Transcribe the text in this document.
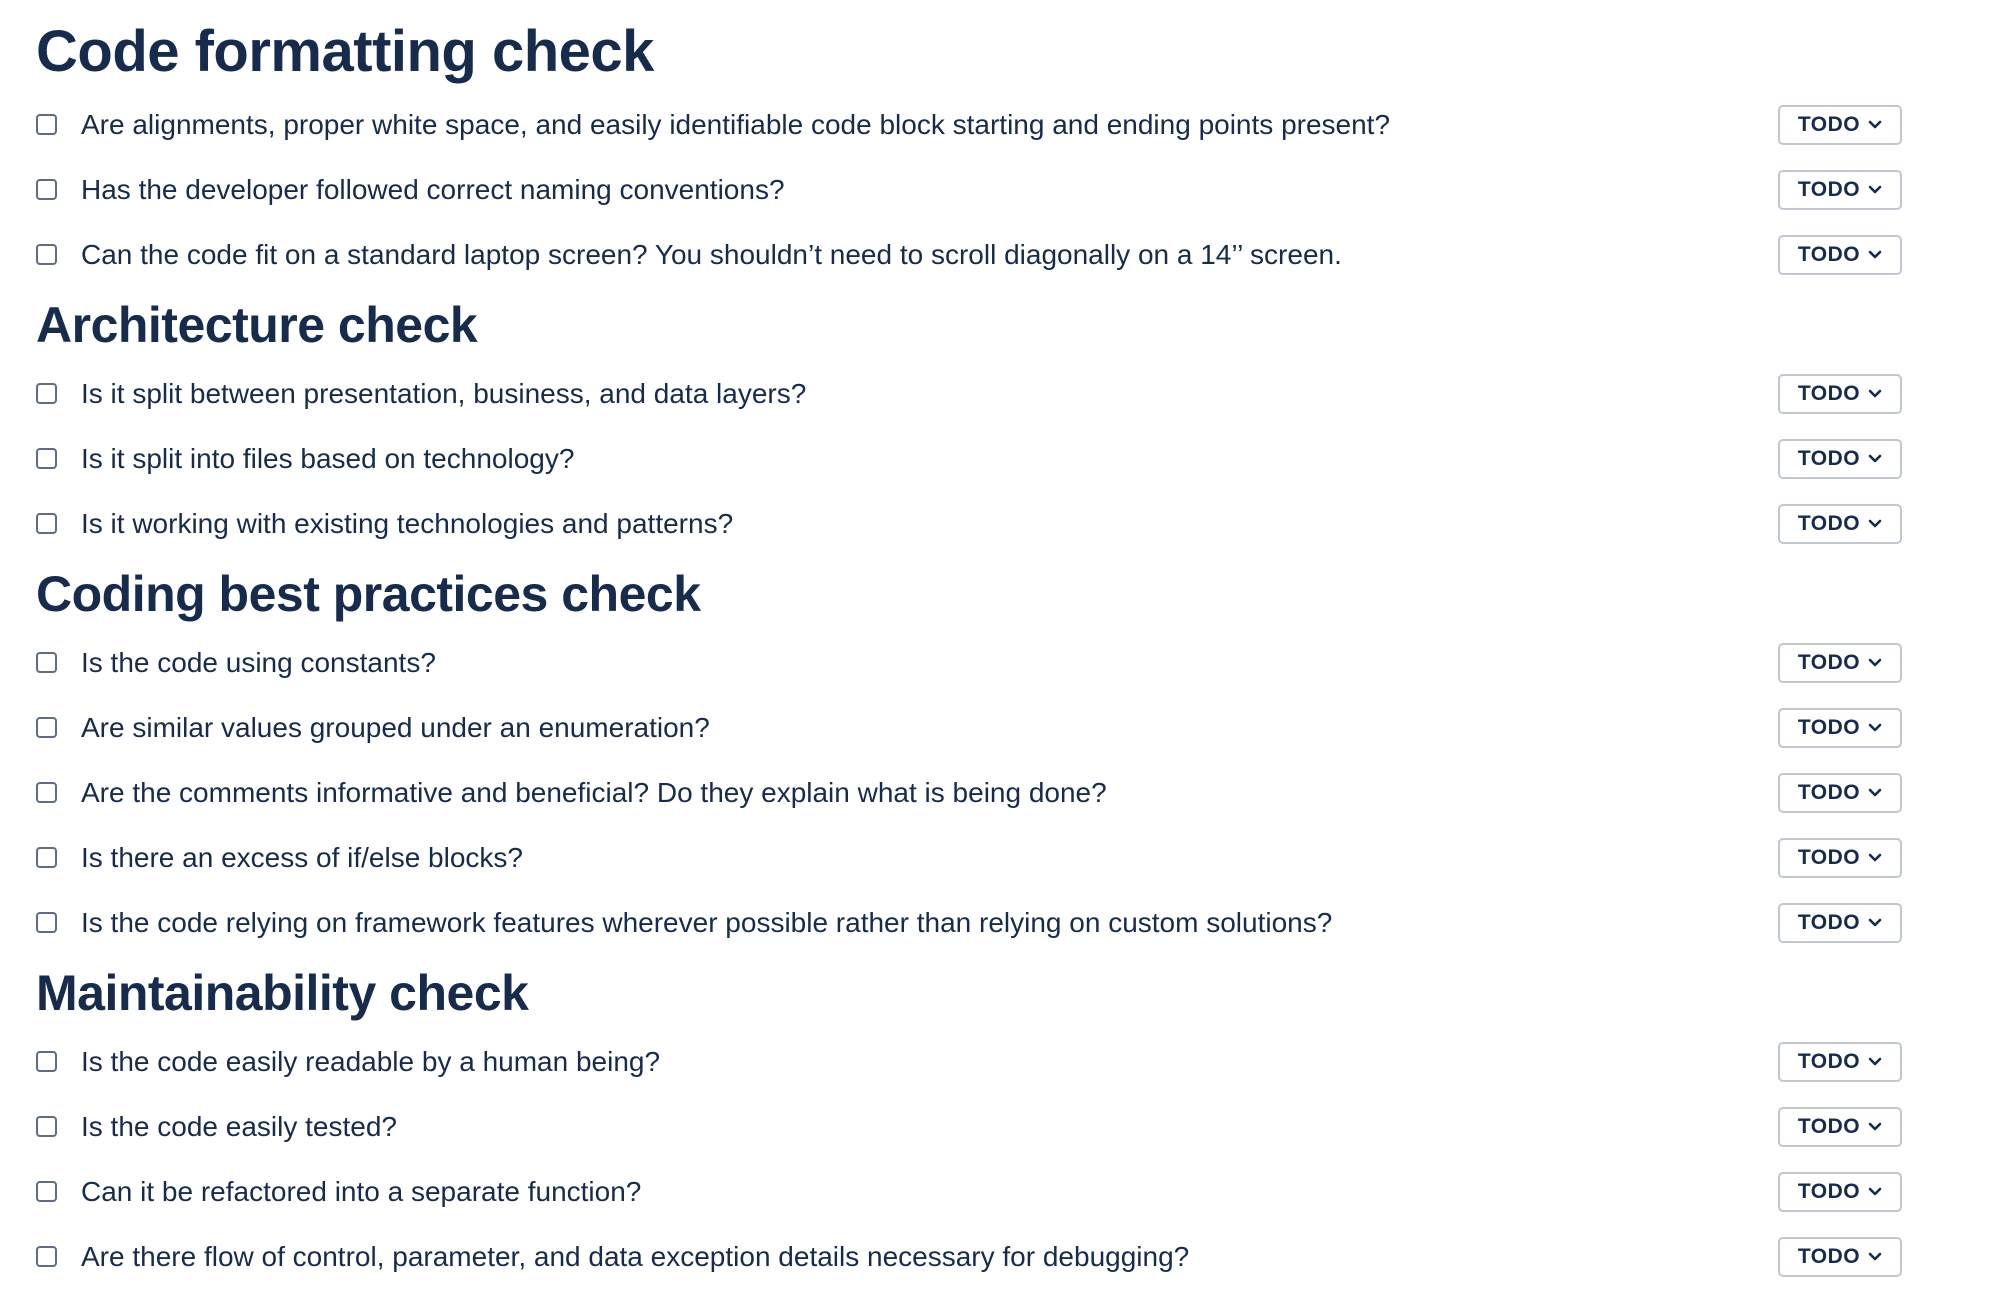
Code formatting check
Are alignments, proper white space, and easily identifiable code block starting and ending points present?	TODO
Has the developer followed correct naming conventions?	TODO
Can the code fit on a standard laptop screen? You shouldn’t need to scroll diagonally on a 14’’ screen.	TODO
Architecture check
Is it split between presentation, business, and data layers?	TODO
Is it split into files based on technology?	TODO
Is it working with existing technologies and patterns?	TODO
Coding best practices check
Is the code using constants?	TODO
Are similar values grouped under an enumeration?	TODO
Are the comments informative and beneficial? Do they explain what is being done?	TODO
Is there an excess of if/else blocks?	TODO
Is the code relying on framework features wherever possible rather than relying on custom solutions?	TODO
Maintainability check
Is the code easily readable by a human being?	TODO
Is the code easily tested?	TODO
Can it be refactored into a separate function?	TODO
Are there flow of control, parameter, and data exception details necessary for debugging?	TODO
